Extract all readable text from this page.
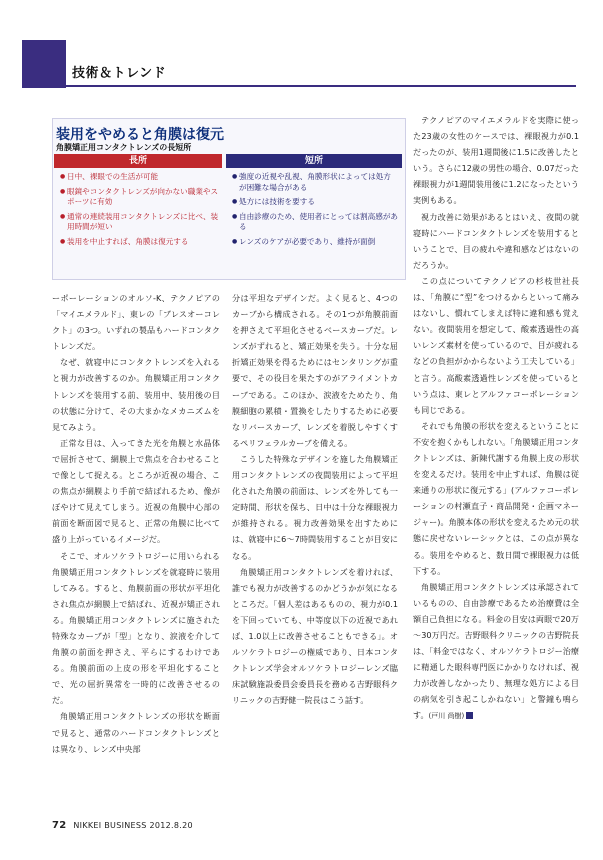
技術＆トレンド
装用をやめると角膜は復元
角膜矯正用コンタクトレンズの長短所
長所	短所
● 日中、裸眼での生活が可能
● 眼鏡やコンタクトレンズが向かない職業やスポーツに有効
● 通常の連続装用コンタクトレンズに比べ、装用時間が短い
● 装用を中止すれば、角膜は復元する
● 強度の近視や乱視、角膜形状によっては処方が困難な場合がある
● 処方には技術を要する
● 自由診療のため、使用者にとっては割高感がある
● レンズのケアが必要であり、維持が面倒

ーポーレーションのオルソ-K、テクノピアの「マイエメラルド」、東レの「ブレスオーコレクト」の3つ。いずれの製品もハードコンタクトレンズだ。

なぜ、就寝中にコンタクトレンズを入れると視力が改善するのか。角膜矯正用コンタクトレンズを装用する前、装用中、装用後の目の状態に分けて、その大まかなメカニズムを見てみよう。

正常な目は、入ってきた光を角膜と水晶体で屈折させて、網膜上で焦点を合わせることで像として捉える。ところが近視の場合、この焦点が網膜より手前で結ばれるため、像がぼやけて見えてしまう。近視の角膜中心部の前面を断面図で見ると、正常の角膜に比べて盛り上がっているイメージだ。

そこで、オルソケラトロジーに用いられる角膜矯正用コンタクトレンズを就寝時に装用してみる。すると、角膜前面の形状が平坦化され焦点が網膜上で結ばれ、近視が矯正される。角膜矯正用コンタクトレンズに施された特殊なカーブが「型」となり、涙液を介して角膜の前面を押さえ、平らにするわけである。角膜前面の上皮の形を平坦化することで、光の屈折異常を一時的に改善させるのだ。

角膜矯正用コンタクトレンズの形状を断面で見ると、通常のハードコンタクトレンズとは異なり、レンズ中央部

分は平坦なデザインだ。よく見ると、4つのカーブから構成される。その1つが角膜前面を押さえて平坦化させるベースカーブだ。レンズがずれると、矯正効果を失う。十分な屈折矯正効果を得るためにはセンタリングが重要で、その役目を果たすのがアライメントカーブである。このほか、涙液をためたり、角膜細胞の累積・置換をしたりするために必要なリバースカーブ、レンズを着脱しやすくするペリフェラルカーブを備える。

こうした特殊なデザインを施した角膜矯正用コンタクトレンズの夜間装用によって平坦化された角膜の前面は、レンズを外しても一定時間、形状を保ち、日中は十分な裸眼視力が維持される。視力改善効果を出すためには、就寝中に6～7時間装用することが目安になる。

角膜矯正用コンタクトレンズを着ければ、誰でも視力が改善するのかどうかが気になるところだ。「個人差はあるものの、視力が0.1を下回っていても、中等度以下の近視であれば、1.0以上に改善させることもできる」。オルソケラトロジーの権威であり、日本コンタクトレンズ学会オルソケラトロジーレンズ臨床試験施設委員会委員長を務める吉野眼科クリニックの吉野健一院長はこう話す。

テクノピアのマイエメラルドを実際に使った23歳の女性のケースでは、裸眼視力が0.1だったのが、装用1週間後に1.5に改善したという。さらに12歳の男性の場合、0.07だった裸眼視力が1週間装用後に1.2になったという実例もある。

視力改善に効果があるとはいえ、夜間の就寝時にハードコンタクトレンズを装用するということで、目の疲れや違和感などはないのだろうか。

この点についてテクノピアの杉枝世社長は、「角膜に“型”をつけるからといって痛みはないし、慣れてしまえば特に違和感も覚えない。夜間装用を想定して、酸素透過性の高いレンズ素材を使っているので、目が疲れるなどの負担がかからないよう工夫している」と言う。高酸素透過性レンズを使っているという点は、東レとアルファコーポレーションも同じである。

それでも角膜の形状を変えるということに不安を抱くかもしれない。「角膜矯正用コンタクトレンズは、新陳代謝する角膜上皮の形状を変えるだけ。装用を中止すれば、角膜は従来通りの形状に復元する」(アルファコーポレーションの村瀬直子・商品開発・企画マネージャー)。角膜本体の形状を変えるため元の状態に戻せないレーシックとは、この点が異なる。装用をやめると、数日間で裸眼視力は低下する。

角膜矯正用コンタクトレンズは承認されているものの、自由診療であるため治療費は全額自己負担になる。料金の目安は両眼で20万～30万円だ。吉野眼科クリニックの吉野院長は、「料金ではなく、オルソケラトロジー治療に精通した眼科専門医にかかりなければ、視力が改善しなかったり、無理な処方による目の病気を引き起こしかねない」と警鐘も鳴らす。(戸川 尚樹)

72 NIKKEI BUSINESS 2012.8.20
